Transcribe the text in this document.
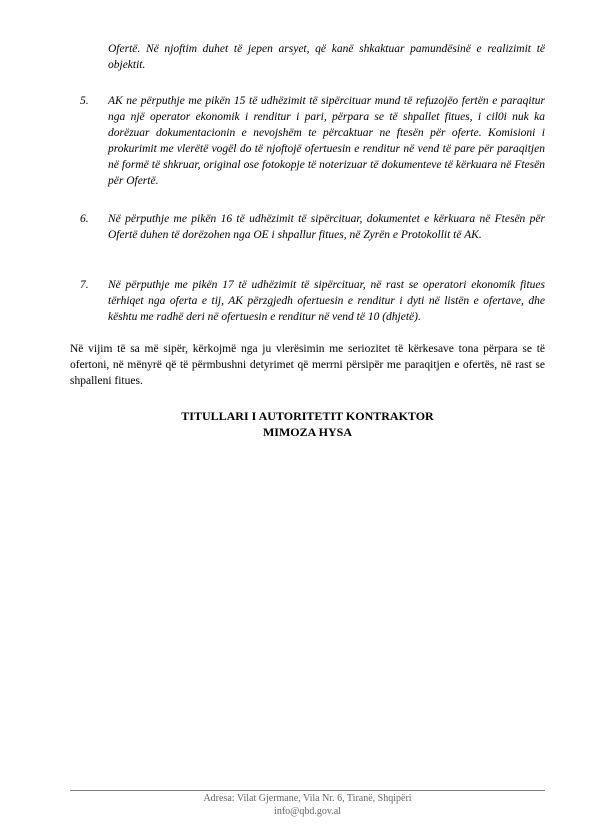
Ofertë. Në njoftim duhet të jepen arsyet, që kanë shkaktuar pamundësinë e realizimit të objektit.
5.	AK ne përputhje me pikën 15 të udhëzimit të sipërcituar mund të refuzojëo fertën e paraqitur nga një operator ekonomik i renditur i pari, përpara se të shpallet fitues, i cil0i nuk ka dorëzuar dokumentacionin e nevojshëm te përcaktuar ne ftesën për oferte. Komisioni i prokurimit me vlerëtë vogël do të njoftojë ofertuesin e renditur në vend të pare për paraqitjen në formë të shkruar, original ose fotokopje të noterizuar të dokumenteve të kërkuara në Ftesën për Ofertë.
6.	Në përputhje me pikën 16 të udhëzimit të sipërcituar, dokumentet e kërkuara në Ftesën për Ofertë duhen të dorëzohen nga OE i shpallur fitues, në Zyrën e Protokollit të AK.
7.	Në përputhje me pikën 17 të udhëzimit të sipërcituar, në rast se operatori ekonomik fitues tërhiqet nga oferta e tij, AK përzgjedh ofertuesin e renditur i dyti në listën e ofertave, dhe kështu me radhë deri në ofertuesin e renditur në vend të 10 (dhjetë).
Në vijim të sa më sipër, kërkojmë nga ju vlerësimin me seriozitet të kërkesave tona përpara se të ofertoni, në mënyrë që të përmbushni detyrimet që merrni përsipër me paraqitjen e ofertës, në rast se shpalleni fitues.
TITULLARI I AUTORITETIT KONTRAKTOR
MIMOZA HYSA
Adresa: Vilat Gjermane, Vila Nr. 6, Tiranë, Shqipëri
info@qbd.gov.al
